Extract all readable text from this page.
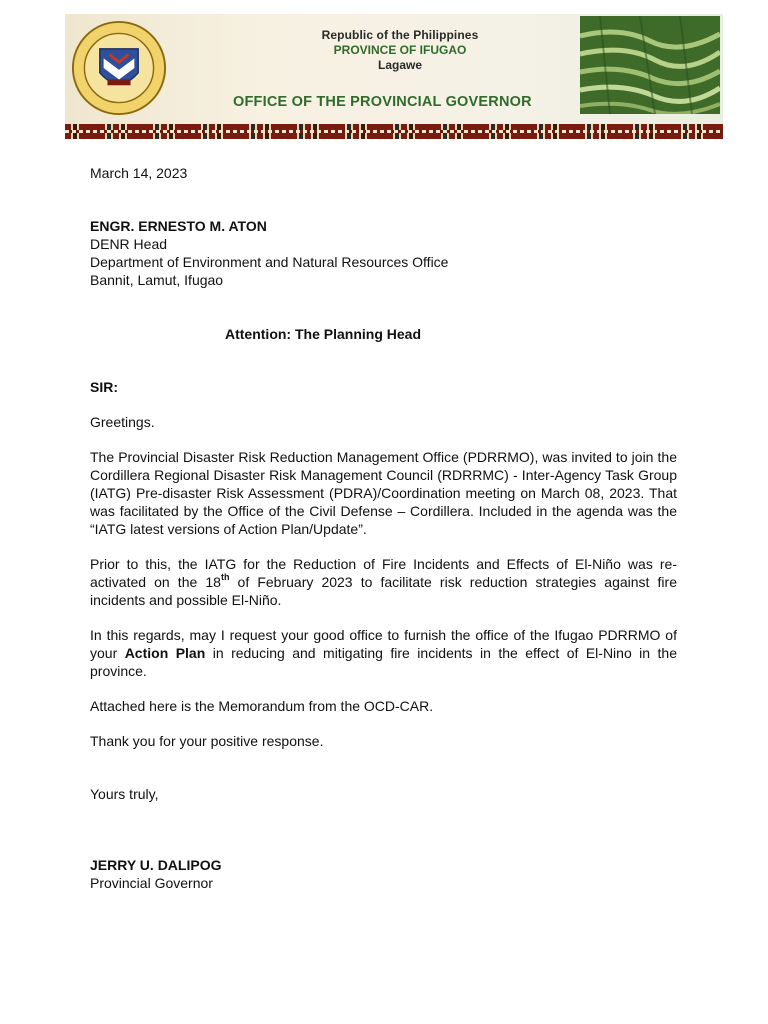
Republic of the Philippines
PROVINCE OF IFUGAO
Lagawe
OFFICE OF THE PROVINCIAL GOVERNOR

March 14, 2023

ENGR. ERNESTO M. ATON

DENR Head

Department of Environment and Natural Resources Office

Bannit, Lamut, Ifugao

Attention: The Planning Head

SIR:

Greetings.

The Provincial Disaster Risk Reduction Management Office (PDRRMO), was invited to join the Cordillera Regional Disaster Risk Management Council (RDRRMC) - Inter-Agency Task Group (IATG) Pre-disaster Risk Assessment (PDRA)/Coordination meeting on March 08, 2023. That was facilitated by the Office of the Civil Defense – Cordillera. Included in the agenda was the “IATG latest versions of Action Plan/Update”.

Prior to this, the IATG for the Reduction of Fire Incidents and Effects of El-Niño was re-activated on the 18th of February 2023 to facilitate risk reduction strategies against fire incidents and possible El-Niño.

In this regards, may I request your good office to furnish the office of the Ifugao PDRRMO of your Action Plan in reducing and mitigating fire incidents in the effect of El-Nino in the province.

Attached here is the Memorandum from the OCD-CAR.

Thank you for your positive response.

Yours truly,

JERRY U. DALIPOG

Provincial Governor
